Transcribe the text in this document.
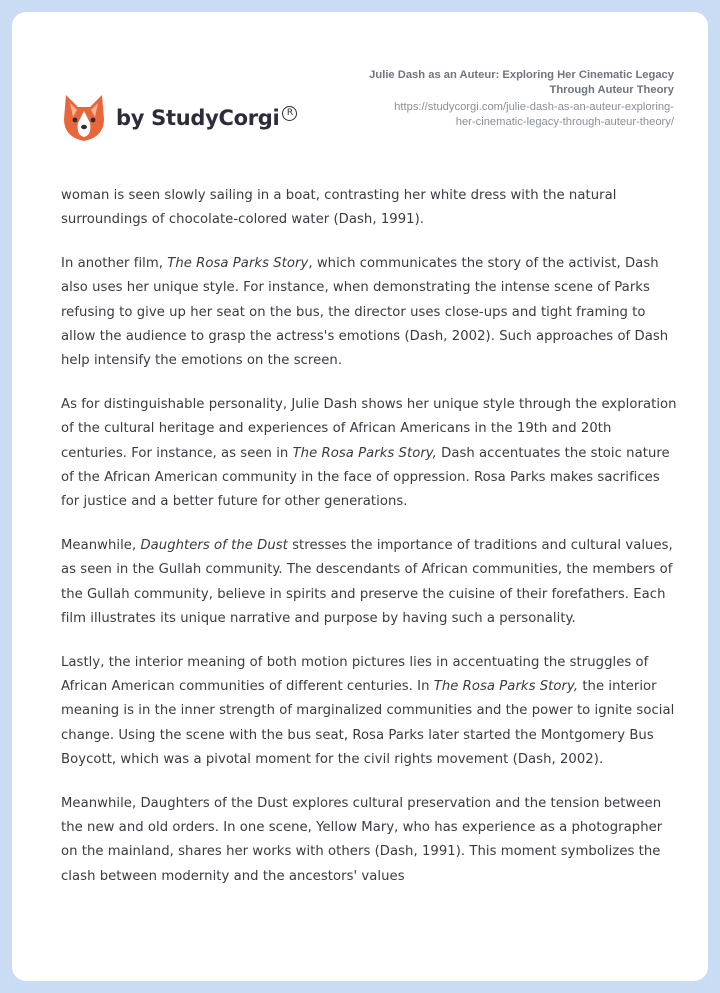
by StudyCorgi R
Julie Dash as an Auteur: Exploring Her Cinematic Legacy
Through Auteur Theory
https://studycorgi.com/julie-dash-as-an-auteur-exploring-
her-cinematic-legacy-through-auteur-theory/

woman is seen slowly sailing in a boat, contrasting her white dress with the natural surroundings of chocolate-colored water (Dash, 1991).

In another film, The Rosa Parks Story, which communicates the story of the activist, Dash also uses her unique style. For instance, when demonstrating the intense scene of Parks refusing to give up her seat on the bus, the director uses close-ups and tight framing to allow the audience to grasp the actress's emotions (Dash, 2002). Such approaches of Dash help intensify the emotions on the screen.

As for distinguishable personality, Julie Dash shows her unique style through the exploration of the cultural heritage and experiences of African Americans in the 19th and 20th centuries. For instance, as seen in The Rosa Parks Story, Dash accentuates the stoic nature of the African American community in the face of oppression. Rosa Parks makes sacrifices for justice and a better future for other generations.

Meanwhile, Daughters of the Dust stresses the importance of traditions and cultural values, as seen in the Gullah community. The descendants of African communities, the members of the Gullah community, believe in spirits and preserve the cuisine of their forefathers. Each film illustrates its unique narrative and purpose by having such a personality.

Lastly, the interior meaning of both motion pictures lies in accentuating the struggles of African American communities of different centuries. In The Rosa Parks Story, the interior meaning is in the inner strength of marginalized communities and the power to ignite social change. Using the scene with the bus seat, Rosa Parks later started the Montgomery Bus Boycott, which was a pivotal moment for the civil rights movement (Dash, 2002).

Meanwhile, Daughters of the Dust explores cultural preservation and the tension between the new and old orders. In one scene, Yellow Mary, who has experience as a photographer on the mainland, shares her works with others (Dash, 1991). This moment symbolizes the clash between modernity and the ancestors' values
